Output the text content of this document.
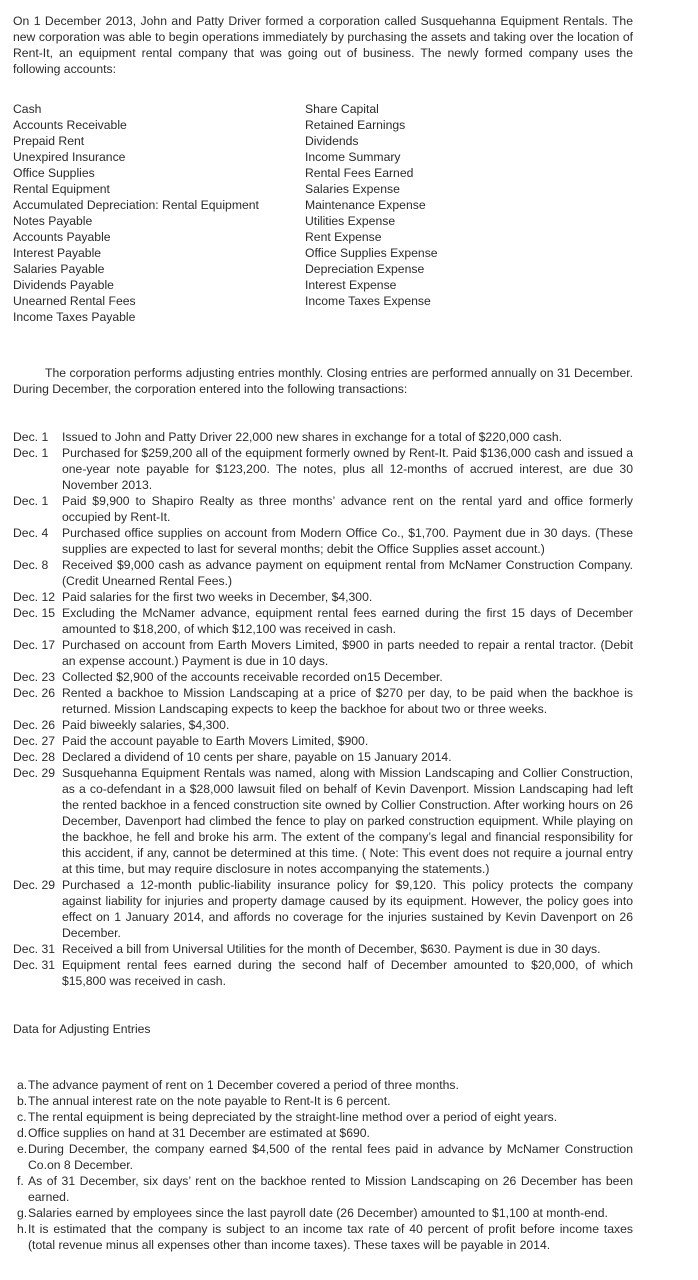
On 1 December 2013, John and Patty Driver formed a corporation called Susquehanna Equipment Rentals. The new corporation was able to begin operations immediately by purchasing the assets and taking over the location of Rent-It, an equipment rental company that was going out of business. The newly formed company uses the following accounts:

Cash
Accounts Receivable
Prepaid Rent
Unexpired Insurance
Office Supplies
Rental Equipment
Accumulated Depreciation: Rental Equipment
Notes Payable
Accounts Payable
Interest Payable
Salaries Payable
Dividends Payable
Unearned Rental Fees
Income Taxes Payable
Share Capital
Retained Earnings
Dividends
Income Summary
Rental Fees Earned
Salaries Expense
Maintenance Expense
Utilities Expense
Rent Expense
Office Supplies Expense
Depreciation Expense
Interest Expense
Income Taxes Expense

The corporation performs adjusting entries monthly. Closing entries are performed annually on 31 December. During December, the corporation entered into the following transactions:

Dec. 1	Issued to John and Patty Driver 22,000 new shares in exchange for a total of $220,000 cash.
Dec. 1	Purchased for $259,200 all of the equipment formerly owned by Rent-It. Paid $136,000 cash and issued a one-year note payable for $123,200. The notes, plus all 12-months of accrued interest, are due 30 November 2013.
Dec. 1	Paid $9,900 to Shapiro Realty as three months’ advance rent on the rental yard and office formerly occupied by Rent-It.
Dec. 4	Purchased office supplies on account from Modern Office Co., $1,700. Payment due in 30 days. (These supplies are expected to last for several months; debit the Office Supplies asset account.)
Dec. 8	Received $9,000 cash as advance payment on equipment rental from McNamer Construction Company. (Credit Unearned Rental Fees.)
Dec. 12 Paid salaries for the first two weeks in December, $4,300.
Dec. 15 Excluding the McNamer advance, equipment rental fees earned during the first 15 days of December amounted to $18,200, of which $12,100 was received in cash.
Dec. 17 Purchased on account from Earth Movers Limited, $900 in parts needed to repair a rental tractor. (Debit an expense account.) Payment is due in 10 days.
Dec. 23 Collected $2,900 of the accounts receivable recorded on15 December.
Dec. 26 Rented a backhoe to Mission Landscaping at a price of $270 per day, to be paid when the backhoe is returned. Mission Landscaping expects to keep the backhoe for about two or three weeks.
Dec. 26 Paid biweekly salaries, $4,300.
Dec. 27 Paid the account payable to Earth Movers Limited, $900.
Dec. 28 Declared a dividend of 10 cents per share, payable on 15 January 2014.
Dec. 29 Susquehanna Equipment Rentals was named, along with Mission Landscaping and Collier Construction, as a co-defendant in a $28,000 lawsuit filed on behalf of Kevin Davenport. Mission Landscaping had left the rented backhoe in a fenced construction site owned by Collier Construction. After working hours on 26 December, Davenport had climbed the fence to play on parked construction equipment. While playing on the backhoe, he fell and broke his arm. The extent of the company’s legal and financial responsibility for this accident, if any, cannot be determined at this time. ( Note: This event does not require a journal entry at this time, but may require disclosure in notes accompanying the statements.)
Dec. 29 Purchased a 12-month public-liability insurance policy for $9,120. This policy protects the company against liability for injuries and property damage caused by its equipment. However, the policy goes into effect on 1 January 2014, and affords no coverage for the injuries sustained by Kevin Davenport on 26 December.
Dec. 31 Received a bill from Universal Utilities for the month of December, $630. Payment is due in 30 days.
Dec. 31 Equipment rental fees earned during the second half of December amounted to $20,000, of which $15,800 was received in cash.

Data for Adjusting Entries

a. The advance payment of rent on 1 December covered a period of three months.
b. The annual interest rate on the note payable to Rent-It is 6 percent.
c. The rental equipment is being depreciated by the straight-line method over a period of eight years.
d. Office supplies on hand at 31 December are estimated at $690.
e. During December, the company earned $4,500 of the rental fees paid in advance by McNamer Construction Co.on 8 December.
f. As of 31 December, six days’ rent on the backhoe rented to Mission Landscaping on 26 December has been earned.
g. Salaries earned by employees since the last payroll date (26 December) amounted to $1,100 at month-end.
h. It is estimated that the company is subject to an income tax rate of 40 percent of profit before income taxes (total revenue minus all expenses other than income taxes). These taxes will be payable in 2014.
